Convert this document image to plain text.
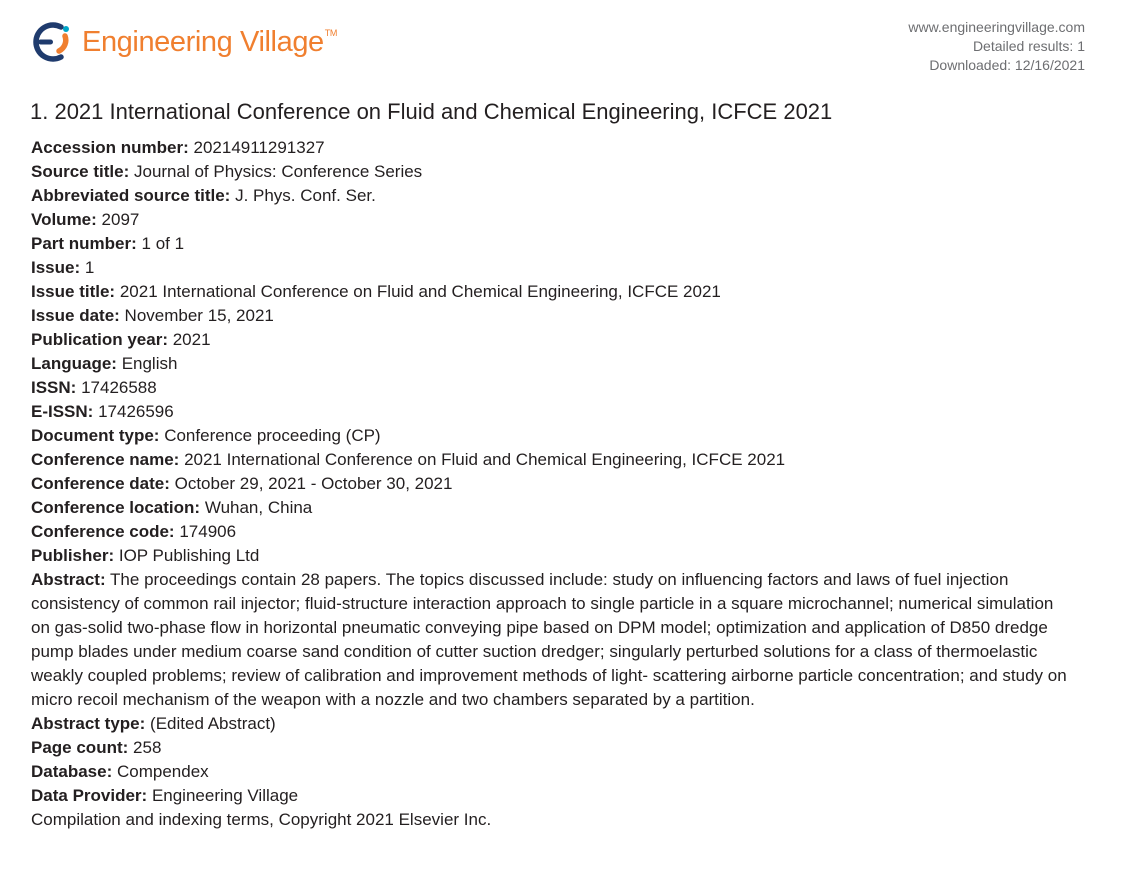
Engineering Village™	www.engineeringvillage.com
Detailed results: 1
Downloaded: 12/16/2021
1. 2021 International Conference on Fluid and Chemical Engineering, ICFCE 2021
Accession number: 20214911291327
Source title: Journal of Physics: Conference Series
Abbreviated source title: J. Phys. Conf. Ser.
Volume: 2097
Part number: 1 of 1
Issue: 1
Issue title: 2021 International Conference on Fluid and Chemical Engineering, ICFCE 2021
Issue date: November 15, 2021
Publication year: 2021
Language: English
ISSN: 17426588
E-ISSN: 17426596
Document type: Conference proceeding (CP)
Conference name: 2021 International Conference on Fluid and Chemical Engineering, ICFCE 2021
Conference date: October 29, 2021 - October 30, 2021
Conference location: Wuhan, China
Conference code: 174906
Publisher: IOP Publishing Ltd
Abstract: The proceedings contain 28 papers. The topics discussed include: study on influencing factors and laws of fuel injection consistency of common rail injector; fluid-structure interaction approach to single particle in a square microchannel; numerical simulation on gas-solid two-phase flow in horizontal pneumatic conveying pipe based on DPM model; optimization and application of D850 dredge pump blades under medium coarse sand condition of cutter suction dredger; singularly perturbed solutions for a class of thermoelastic weakly coupled problems; review of calibration and improvement methods of light- scattering airborne particle concentration; and study on micro recoil mechanism of the weapon with a nozzle and two chambers separated by a partition.
Abstract type: (Edited Abstract)
Page count: 258
Database: Compendex
Data Provider: Engineering Village
Compilation and indexing terms, Copyright 2021 Elsevier Inc.
